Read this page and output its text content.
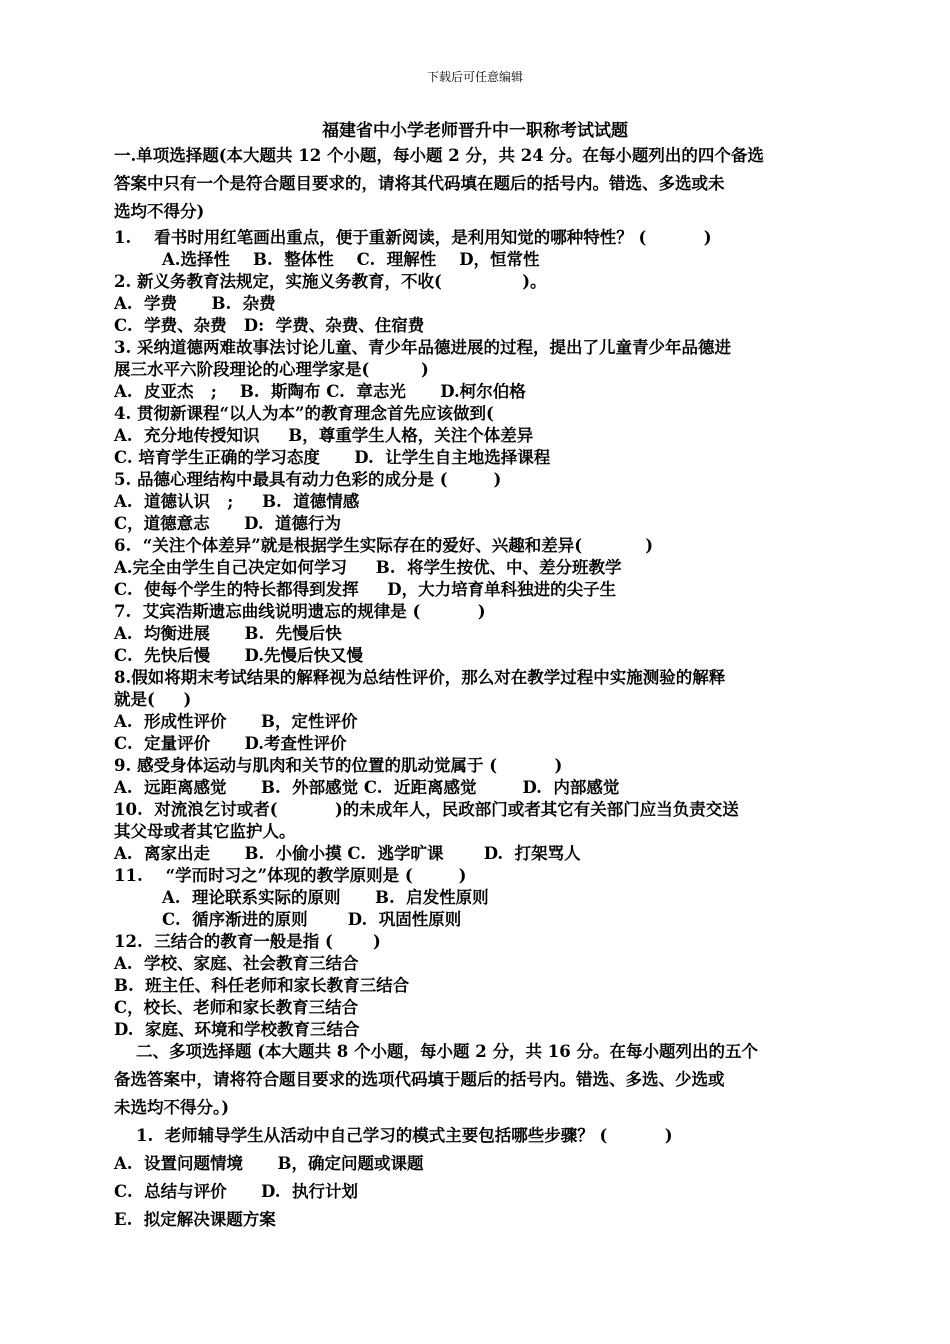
下载后可任意编辑
福建省中小学老师晋升中一职称考试试题
一.单项选择题(本大题共 12 个小题，每小题 2 分，共 24 分。在每小题列出的四个备选
答案中只有一个是符合题目要求的，请将其代码填在题后的括号内。错选、多选或未
选均不得分)
1.    看书时用红笔画出重点，便于重新阅读，是利用知觉的哪种特性？ (          )
A.选择性    B.  整体性    C.  理解性    D，恒常性
2. 新义务教育法规定，实施义务教育，不收(              )。
A.  学费      B.  杂费
C.  学费、杂费   D:  学费、杂费、住宿费
3. 采纳道德两难故事法讨论儿童、青少年品德进展的过程，提出了儿童青少年品德进
展三水平六阶段理论的心理学家是(         )
A.  皮亚杰   ;    B.  斯陶布 C.  章志光      D.柯尔伯格
4. 贯彻新课程“以人为本”的教育理念首先应该做到(
A.  充分地传授知识     B，尊重学生人格，关注个体差异
C. 培育学生正确的学习态度      D.  让学生自主地选择课程
5. 品德心理结构中最具有动力色彩的成分是 (        )
A.  道德认识   ;     B.  道德情感
C，道德意志      D.  道德行为
6.  “关注个体差异”就是根据学生实际存在的爱好、兴趣和差异(           )
A.完全由学生自己决定如何学习     B.  将学生按优、中、差分班教学
C.  使每个学生的特长都得到发挥     D，大力培育单科独进的尖子生
7.  艾宾浩斯遗忘曲线说明遗忘的规律是 (          )
A.  均衡进展      B.  先慢后快
C.  先快后慢      D.先慢后快又慢
8.假如将期末考试结果的解释视为总结性评价，那么对在教学过程中实施测验的解释
就是(     )
A.  形成性评价      B，定性评价
C.  定量评价      D.考查性评价
9. 感受身体运动与肌肉和关节的位置的肌动觉属于 (          )
A.  远距离感觉      B.  外部感觉 C.  近距离感觉        D.  内部感觉
10.  对流浪乞讨或者(          )的未成年人，民政部门或者其它有关部门应当负责交送
其父母或者其它监护人。
A.  离家出走      B.  小偷小摸 C.  逃学旷课       D.  打架骂人
11.    “学而时习之”体现的教学原则是 (        )
A.  理论联系实际的原则      B.  启发性原则
C.  循序渐进的原则       D.  巩固性原则
12.  三结合的教育一般是指 (       )
A.  学校、家庭、社会教育三结合
B.  班主任、科任老师和家长教育三结合
C，校长、老师和家长教育三结合
D.  家庭、环境和学校教育三结合
二、多项选择题 (本大题共 8 个小题，每小题 2 分，共 16 分。在每小题列出的五个
备选答案中，请将符合题目要求的选项代码填于题后的括号内。错选、多选、少选或
未选均不得分。)
1.  老师辅导学生从活动中自己学习的模式主要包括哪些步骤？ (          )
A.  设置问题情境      B，确定问题或课题
C.  总结与评价      D.  执行计划
E.  拟定解决课题方案
